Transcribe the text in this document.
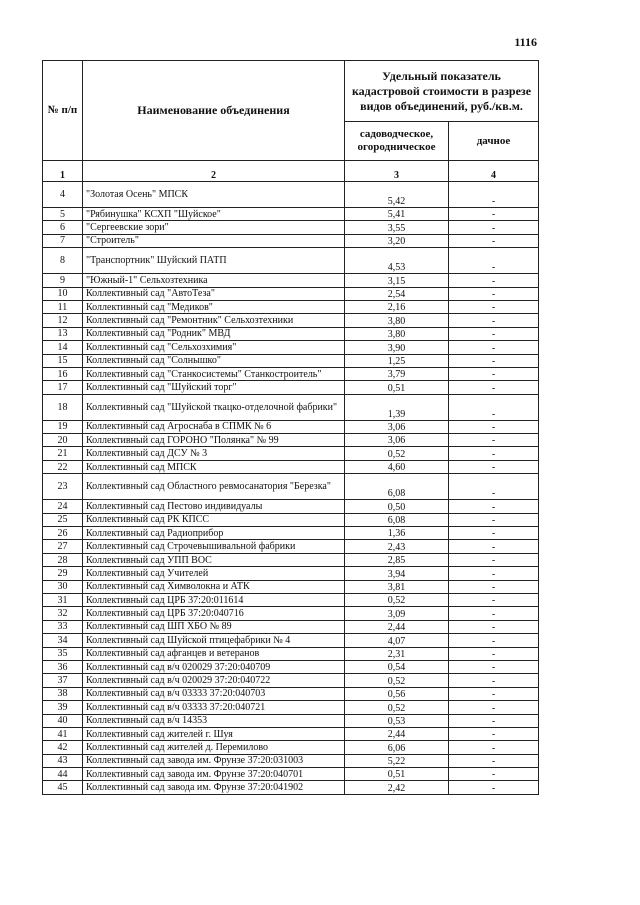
1116
№ п/п	Наименование объединения	Удельный показатель кадастровой стоимости в разрезе видов объединений, руб./кв.м.	
		садоводческое, огородническое	дачное
1	2	3	4
4	"Золотая Осень" МПСК	5,42	-
5	"Рябинушка" КСХП "Шуйское"	5,41	-
6	"Сергеевские зори"	3,55	-
7	"Строитель"	3,20	-
8	"Транспортник" Шуйский ПАТП	4,53	-
9	"Южный-1" Сельхозтехника	3,15	-
10	Коллективный сад "АвтоТеза"	2,54	-
11	Коллективный сад "Медиков"	2,16	-
12	Коллективный сад "Ремонтник" Сельхозтехники	3,80	-
13	Коллективный сад "Родник" МВД	3,80	-
14	Коллективный сад "Сельхозхимия"	3,90	-
15	Коллективный сад "Солнышко"	1,25	-
16	Коллективный сад "Станкосистемы" Станкостроитель"	3,79	-
17	Коллективный сад "Шуйский торг"	0,51	-
18	Коллективный сад "Шуйской ткацко-отделочной фабрики"	1,39	-
19	Коллективный сад Агроснаба в СПМК № 6	3,06	-
20	Коллективный сад ГОРОНО "Полянка" № 99	3,06	-
21	Коллективный сад ДСУ № 3	0,52	-
22	Коллективный сад МПСК	4,60	-
23	Коллективный сад Областного ревмосанатория "Березка"	6,08	-
24	Коллективный сад Пестово индивидуалы	0,50	-
25	Коллективный сад РК КПСС	6,08	-
26	Коллективный сад Радиоприбор	1,36	-
27	Коллективный сад Строчевышивальной фабрики	2,43	-
28	Коллективный сад УПП ВОС	2,85	-
29	Коллективный сад Учителей	3,94	-
30	Коллективный сад Химволокна и АТК	3,81	-
31	Коллективный сад ЦРБ 37:20:011614	0,52	-
32	Коллективный сад ЦРБ 37:20:040716	3,09	-
33	Коллективный сад ШП ХБО № 89	2,44	-
34	Коллективный сад Шуйской птицефабрики № 4	4,07	-
35	Коллективный сад афганцев и ветеранов	2,31	-
36	Коллективный сад в/ч 020029 37:20:040709	0,54	-
37	Коллективный сад в/ч 020029 37:20:040722	0,52	-
38	Коллективный сад в/ч 03333 37:20:040703	0,56	-
39	Коллективный сад в/ч 03333 37:20:040721	0,52	-
40	Коллективный сад в/ч 14353	0,53	-
41	Коллективный сад жителей г. Шуя	2,44	-
42	Коллективный сад жителей д. Перемилово	6,06	-
43	Коллективный сад завода им. Фрунзе 37:20:031003	5,22	-
44	Коллективный сад завода им. Фрунзе 37:20:040701	0,51	-
45	Коллективный сад завода им. Фрунзе 37:20:041902	2,42	-
